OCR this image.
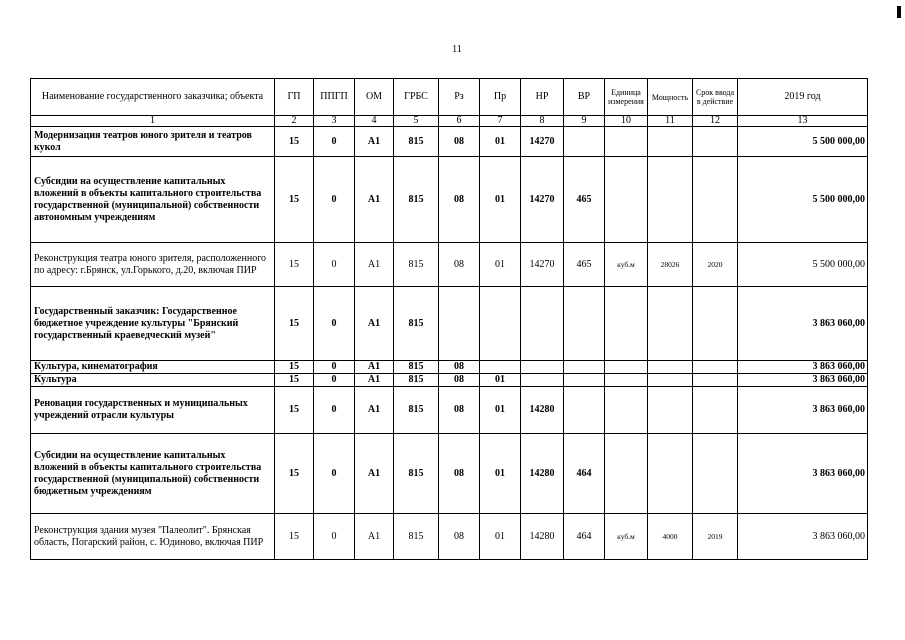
11
Наименование государственного заказчика; объекта	ГП	ППГП	ОМ	ГРБС	Рз	Пр	НР	ВР	Единица измерения	Мощность	Срок ввода в действие	2019 год
1	2	3	4	5	6	7	8	9	10	11	12	13
Модернизация театров юного зрителя и театров кукол	15	0	А1	815	08	01	14270					5 500 000,00
Субсидии на осуществление капитальных вложений в объекты капитального строительства государственной (муниципальной) собственности автономным учреждениям	15	0	А1	815	08	01	14270	465				5 500 000,00
Реконструкция театра юного зрителя, расположенного по адресу: г.Брянск, ул.Горького, д.20, включая ПИР	15	0	А1	815	08	01	14270	465	куб.м	28026	2020	5 500 000,00
Государственный заказчик: Государственное бюджетное учреждение культуры "Брянский государственный краеведческий музей"	15	0	А1	815								3 863 060,00
Культура, кинематография	15	0	А1	815	08							3 863 060,00
Культура	15	0	А1	815	08	01						3 863 060,00
Реновация государственных и муниципальных учреждений отрасли культуры	15	0	А1	815	08	01	14280					3 863 060,00
Субсидии на осуществление капитальных вложений в объекты капитального строительства государственной (муниципальной) собственности бюджетным учреждениям	15	0	А1	815	08	01	14280	464				3 863 060,00
Реконструкция здания музея "Палеолит". Брянская область, Погарский район, с. Юдиново, включая ПИР	15	0	А1	815	08	01	14280	464	куб.м	4000	2019	3 863 060,00
